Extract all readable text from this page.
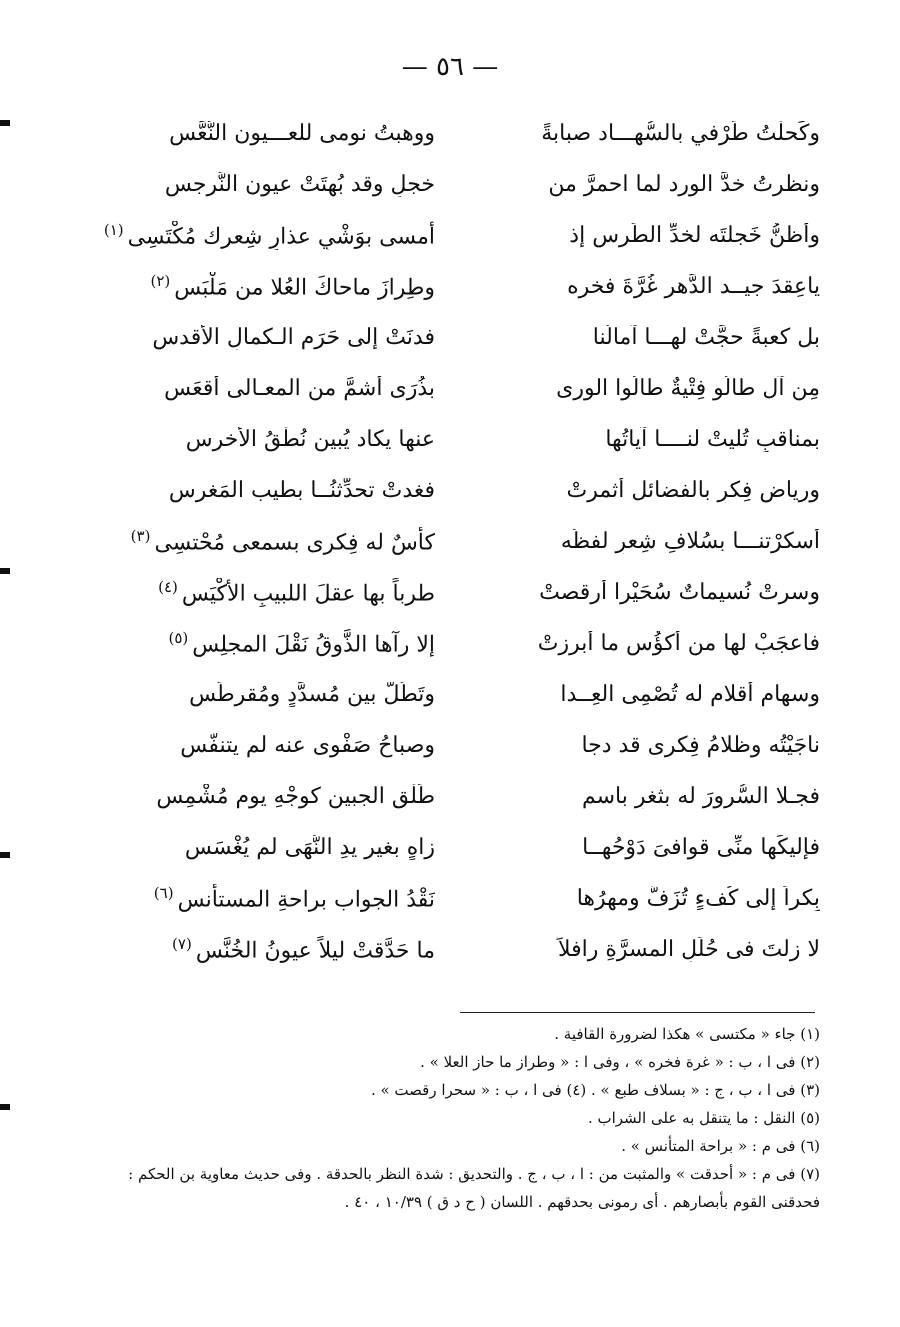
— ٥٦ —
وكَحلْتُ طَرْفي بالسُّهـــاد صبابةً
ووهبتُ نومى للعـــيون النُّعَّسِ
ونظرتُ خدَّ الورد لما احمرَّ من
خجلٍ وقد بُهِتَتْ عيون النَّرجسِ
وأظنُّ خَجلتَه لخدِّ الطِّرس إذ
أمسى بوَشْيِ عذارِ شِعرك مُكْتَسِى$^{(١)}$
ياعِقدَ جيــد الدَّهر غُرَّةَ فخره
وطِرازَ ماحاكَ العُلا من مَلْبَسِ$^{(٢)}$
بل كعبةً حجَّتْ لهـــا آمالُنا
فدنَتْ إلى حَرَمِ الـكمالِ الأقدسِ
مِن آل طالُو فِتْيةٌ طالُوا الورى
بذُرَى أشمَّ من المعـالى أقعَسِ
بمناقبٍ تُليتْ لنــــا آياتُها
عنها يكاد يُبين نُطْقُ الأخرسِ
ورياض فِكرٍ بالفضائل أثمرتْ
فغدتْ تحدِّثنُــا بطيب المَغرِسِ
أسكرْتنـــا بسُلافِ شِعرٍ لفظُه
كأسٌ له فِكرى بسمعى مُحْتسِى$^{(٣)}$
وسرتْ نُسيماتٌ سُحَيْرا أرقصتْ
طرباً بها عقلَ اللبيبِ الأكْيَسِ$^{(٤)}$
فاعجَبْ لها من أكؤُسٍ ما أبرزتْ
إلا رآها الذَّوقُ نَقْلَ المجلِسِ$^{(٥)}$
وسهامِ أقلامٍ له تُصْمِى العِــدا
وتَطُلُّ بين مُسدَّدٍ ومُقرطَسِ
ناجَيْتُه وظلامُ فِكرى قد دجا
وصباحُ صَفْوى عنه لم يتنفَّسِ
فجـلا السُّرورَ له بثغرٍ باسمٍ
طَلْقِ الجبين كوجْهِ يوم مُشْمِسِ
فإليكَها منِّى قوافىَ دَوْحُهــا
زاهٍ بغير يدِ النُّهَى لم يُغْسَسِ
بِكراً إلى كُفءٍ تُزَفُّ ومهرُها
نَقْدُ الجواب براحةِ المستأنسِ$^{(٦)}$
لا زِلتَ فى حُلَلِ المسرَّةِ رافلاً
ما حَدَّقتْ ليلاً عيونُ الخُنَّسِ$^{(٧)}$
(١) جاء « مكتسى » هكذا لضرورة القافية .
(٢) فى ا ، ب : « غرة فخره » ، وفى ا : « وطراز ما حاز العلا » .
(٣) فى ا ، ب ، ج : « بسلاف طبع » . (٤) فى ا ، ب : « سحرا رقصت » .
(٥) النقل : ما يتنقل به على الشراب .
(٦) فى م : « براحة المتأنس » .
(٧) فى م : « أحدقت » والمثبت من : ا ، ب ، ج . والتحديق : شدة النظر بالحدقة . وفى حديث معاوية بن الحكم : فحدقنى القوم بأبصارهم . أى رمونى بحدقهم . اللسان ( ح د ق ) ١٠/٣٩ ، ٤٠ .
